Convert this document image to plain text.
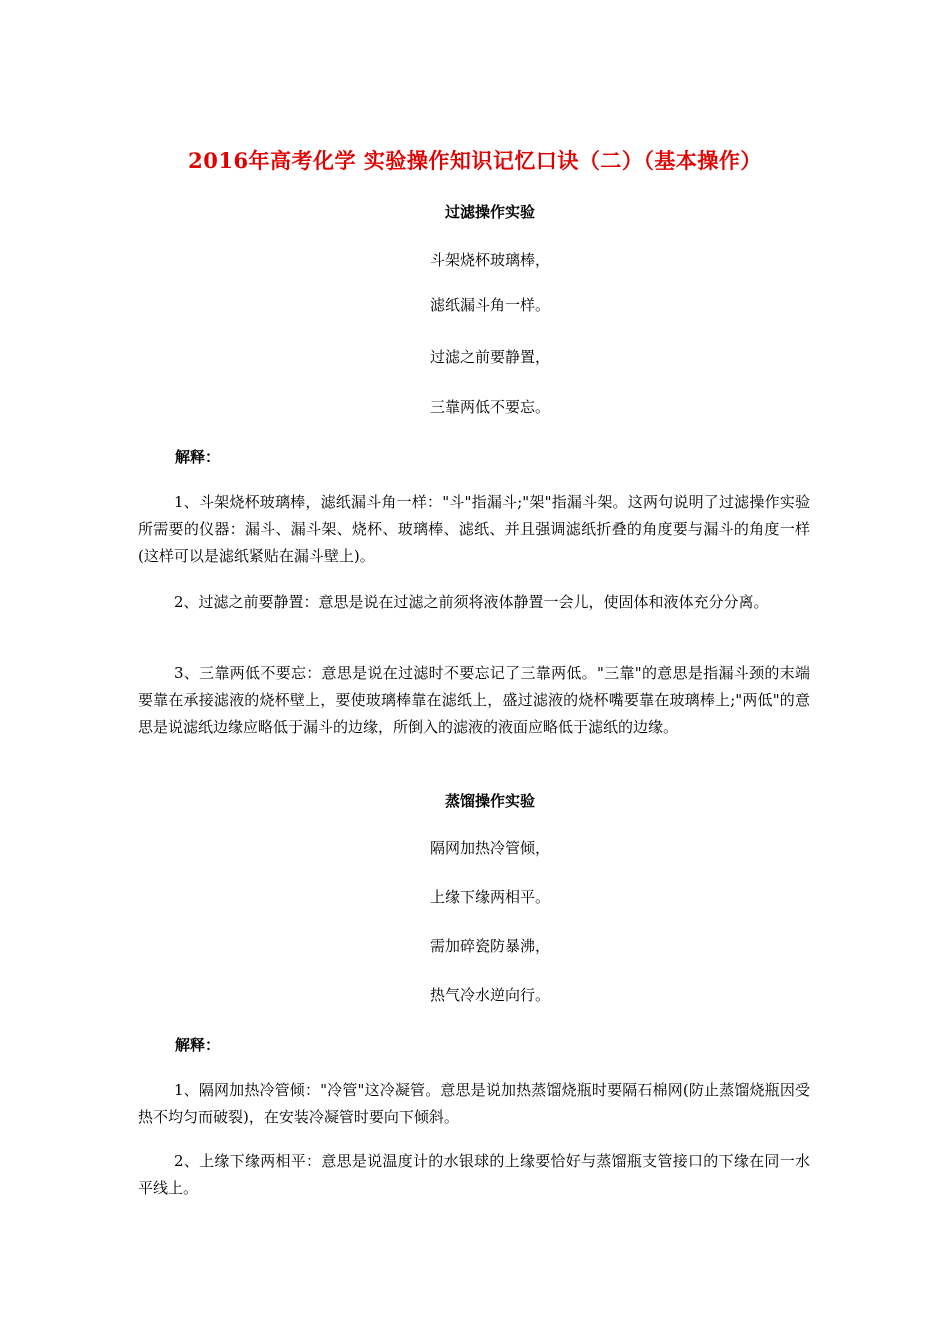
2016年高考化学 实验操作知识记忆口诀（二）（基本操作）
过滤操作实验
斗架烧杯玻璃棒，
滤纸漏斗角一样。
过滤之前要静置，
三靠两低不要忘。
解释：
1、斗架烧杯玻璃棒，滤纸漏斗角一样："斗"指漏斗;"架"指漏斗架。这两句说明了过滤操作实验所需要的仪器：漏斗、漏斗架、烧杯、玻璃棒、滤纸、并且强调滤纸折叠的角度要与漏斗的角度一样(这样可以是滤纸紧贴在漏斗壁上)。
2、过滤之前要静置：意思是说在过滤之前须将液体静置一会儿，使固体和液体充分分离。
3、三靠两低不要忘：意思是说在过滤时不要忘记了三靠两低。"三靠"的意思是指漏斗颈的末端要靠在承接滤液的烧杯壁上，要使玻璃棒靠在滤纸上，盛过滤液的烧杯嘴要靠在玻璃棒上;"两低"的意思是说滤纸边缘应略低于漏斗的边缘，所倒入的滤液的液面应略低于滤纸的边缘。
蒸馏操作实验
隔网加热冷管倾，
上缘下缘两相平。
需加碎瓷防暴沸，
热气冷水逆向行。
解释：
1、隔网加热冷管倾："冷管"这冷凝管。意思是说加热蒸馏烧瓶时要隔石棉网(防止蒸馏烧瓶因受热不均匀而破裂)，在安装冷凝管时要向下倾斜。
2、上缘下缘两相平：意思是说温度计的水银球的上缘要恰好与蒸馏瓶支管接口的下缘在同一水平线上。
